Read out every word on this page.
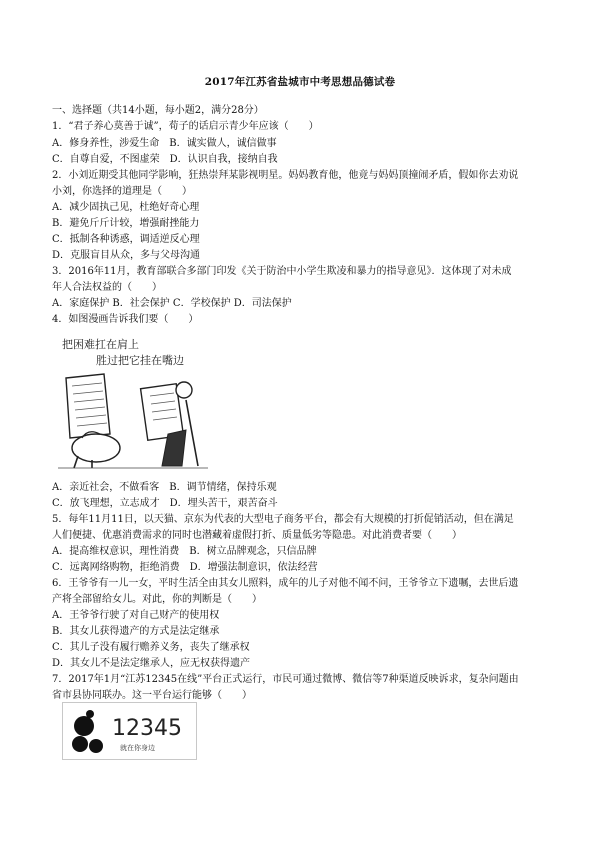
2017年江苏省盐城市中考思想品德试卷
一、选择题（共14小题，每小题2，满分28分）
1．“君子养心莫善于诚”，荀子的话启示青少年应该（　　）
A．修身养性，涉爱生命　B．诚实做人，诚信做事
C．自尊自爱，不图虚荣　D．认识自我，接纳自我
2．小刘近期受其他同学影响，狂热崇拜某影视明星。妈妈教育他，他竟与妈妈顶撞闹矛盾，假如你去劝说
小刘，你选择的道理是（　　）
A．减少固执己见，杜绝好奇心理
B．避免斤斤计较，增强耐挫能力
C．抵制各种诱惑，调适逆反心理
D．克服盲目从众，多与父母沟通
3．2016年11月，教育部联合多部门印发《关于防治中小学生欺凌和暴力的指导意见》．这体现了对未成
年人合法权益的（　　）
A．家庭保护 B．社会保护 C．学校保护 D．司法保护
4．如图漫画告诉我们要（　　）
把困难扛在肩上
胜过把它挂在嘴边
A．亲近社会，不做看客　B．调节情绪，保持乐观
C．放飞理想，立志成才　D．埋头苦干，艰苦奋斗
5．每年11月11日，以天猫、京东为代表的大型电子商务平台，都会有大规模的打折促销活动，但在满足
人们便捷、优惠消费需求的同时也潜藏着虚假打折、质量低劣等隐患。对此消费者要（　　）
A．提高维权意识，理性消费　B．树立品牌观念，只信品牌
C．远离网络购物，拒绝消费　D．增强法制意识，依法经营
6．王爷爷有一儿一女，平时生活全由其女儿照料，成年的儿子对他不闻不问，王爷爷立下遗嘱，去世后遗
产将全部留给女儿。对此，你的判断是（　　）
A．王爷爷行驶了对自己财产的使用权
B．其女儿获得遗产的方式是法定继承
C．其儿子没有履行赡养义务，丧失了继承权
D．其女儿不是法定继承人，应无权获得遗产
7．2017年1月“江苏12345在线”平台正式运行，市民可通过微博、微信等7种渠道反映诉求，复杂问题由
省市县协同联办。这一平台运行能够（　　）
12345
就在你身边
